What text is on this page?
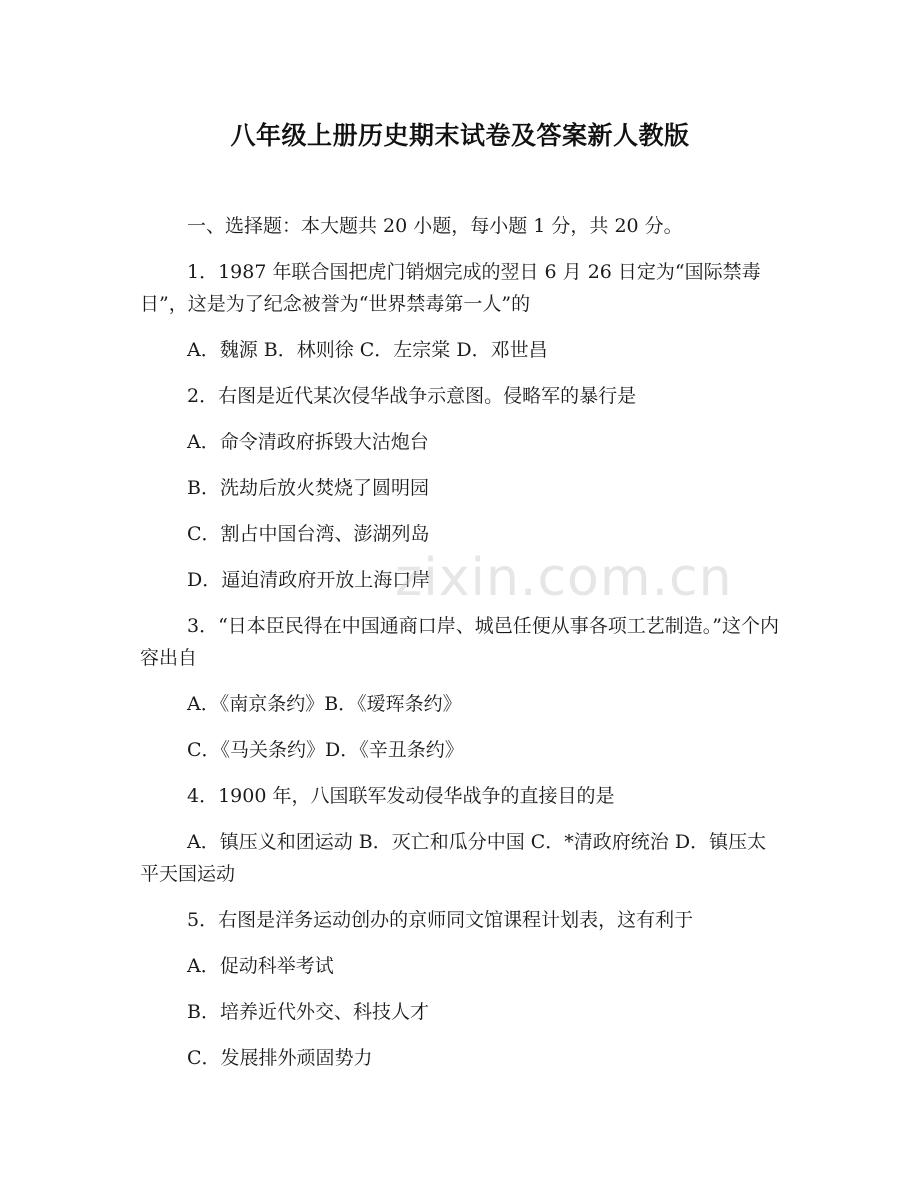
八年级上册历史期末试卷及答案新人教版

一、选择题：本大题共 20 小题，每小题 1 分，共 20 分。

1．1987 年联合国把虎门销烟完成的翌日 6 月 26 日定为“国际禁毒日”，这是为了纪念被誉为“世界禁毒第一人”的

A．魏源 B．林则徐 C．左宗棠 D．邓世昌

2．右图是近代某次侵华战争示意图。侵略军的暴行是

A．命令清政府拆毁大沽炮台

B．洗劫后放火焚烧了圆明园

C．割占中国台湾、澎湖列岛

D．逼迫清政府开放上海口岸

3．“日本臣民得在中国通商口岸、城邑任便从事各项工艺制造。”这个内容出自

A．《南京条约》B．《瑷珲条约》

C．《马关条约》D．《辛丑条约》

4．1900 年，八国联军发动侵华战争的直接目的是

A．镇压义和团运动 B．灭亡和瓜分中国 C．*清政府统治 D．镇压太平天国运动

5．右图是洋务运动创办的京师同文馆课程计划表，这有利于

A．促动科举考试

B．培养近代外交、科技人才

C．发展排外顽固势力

zixin.com.cn
